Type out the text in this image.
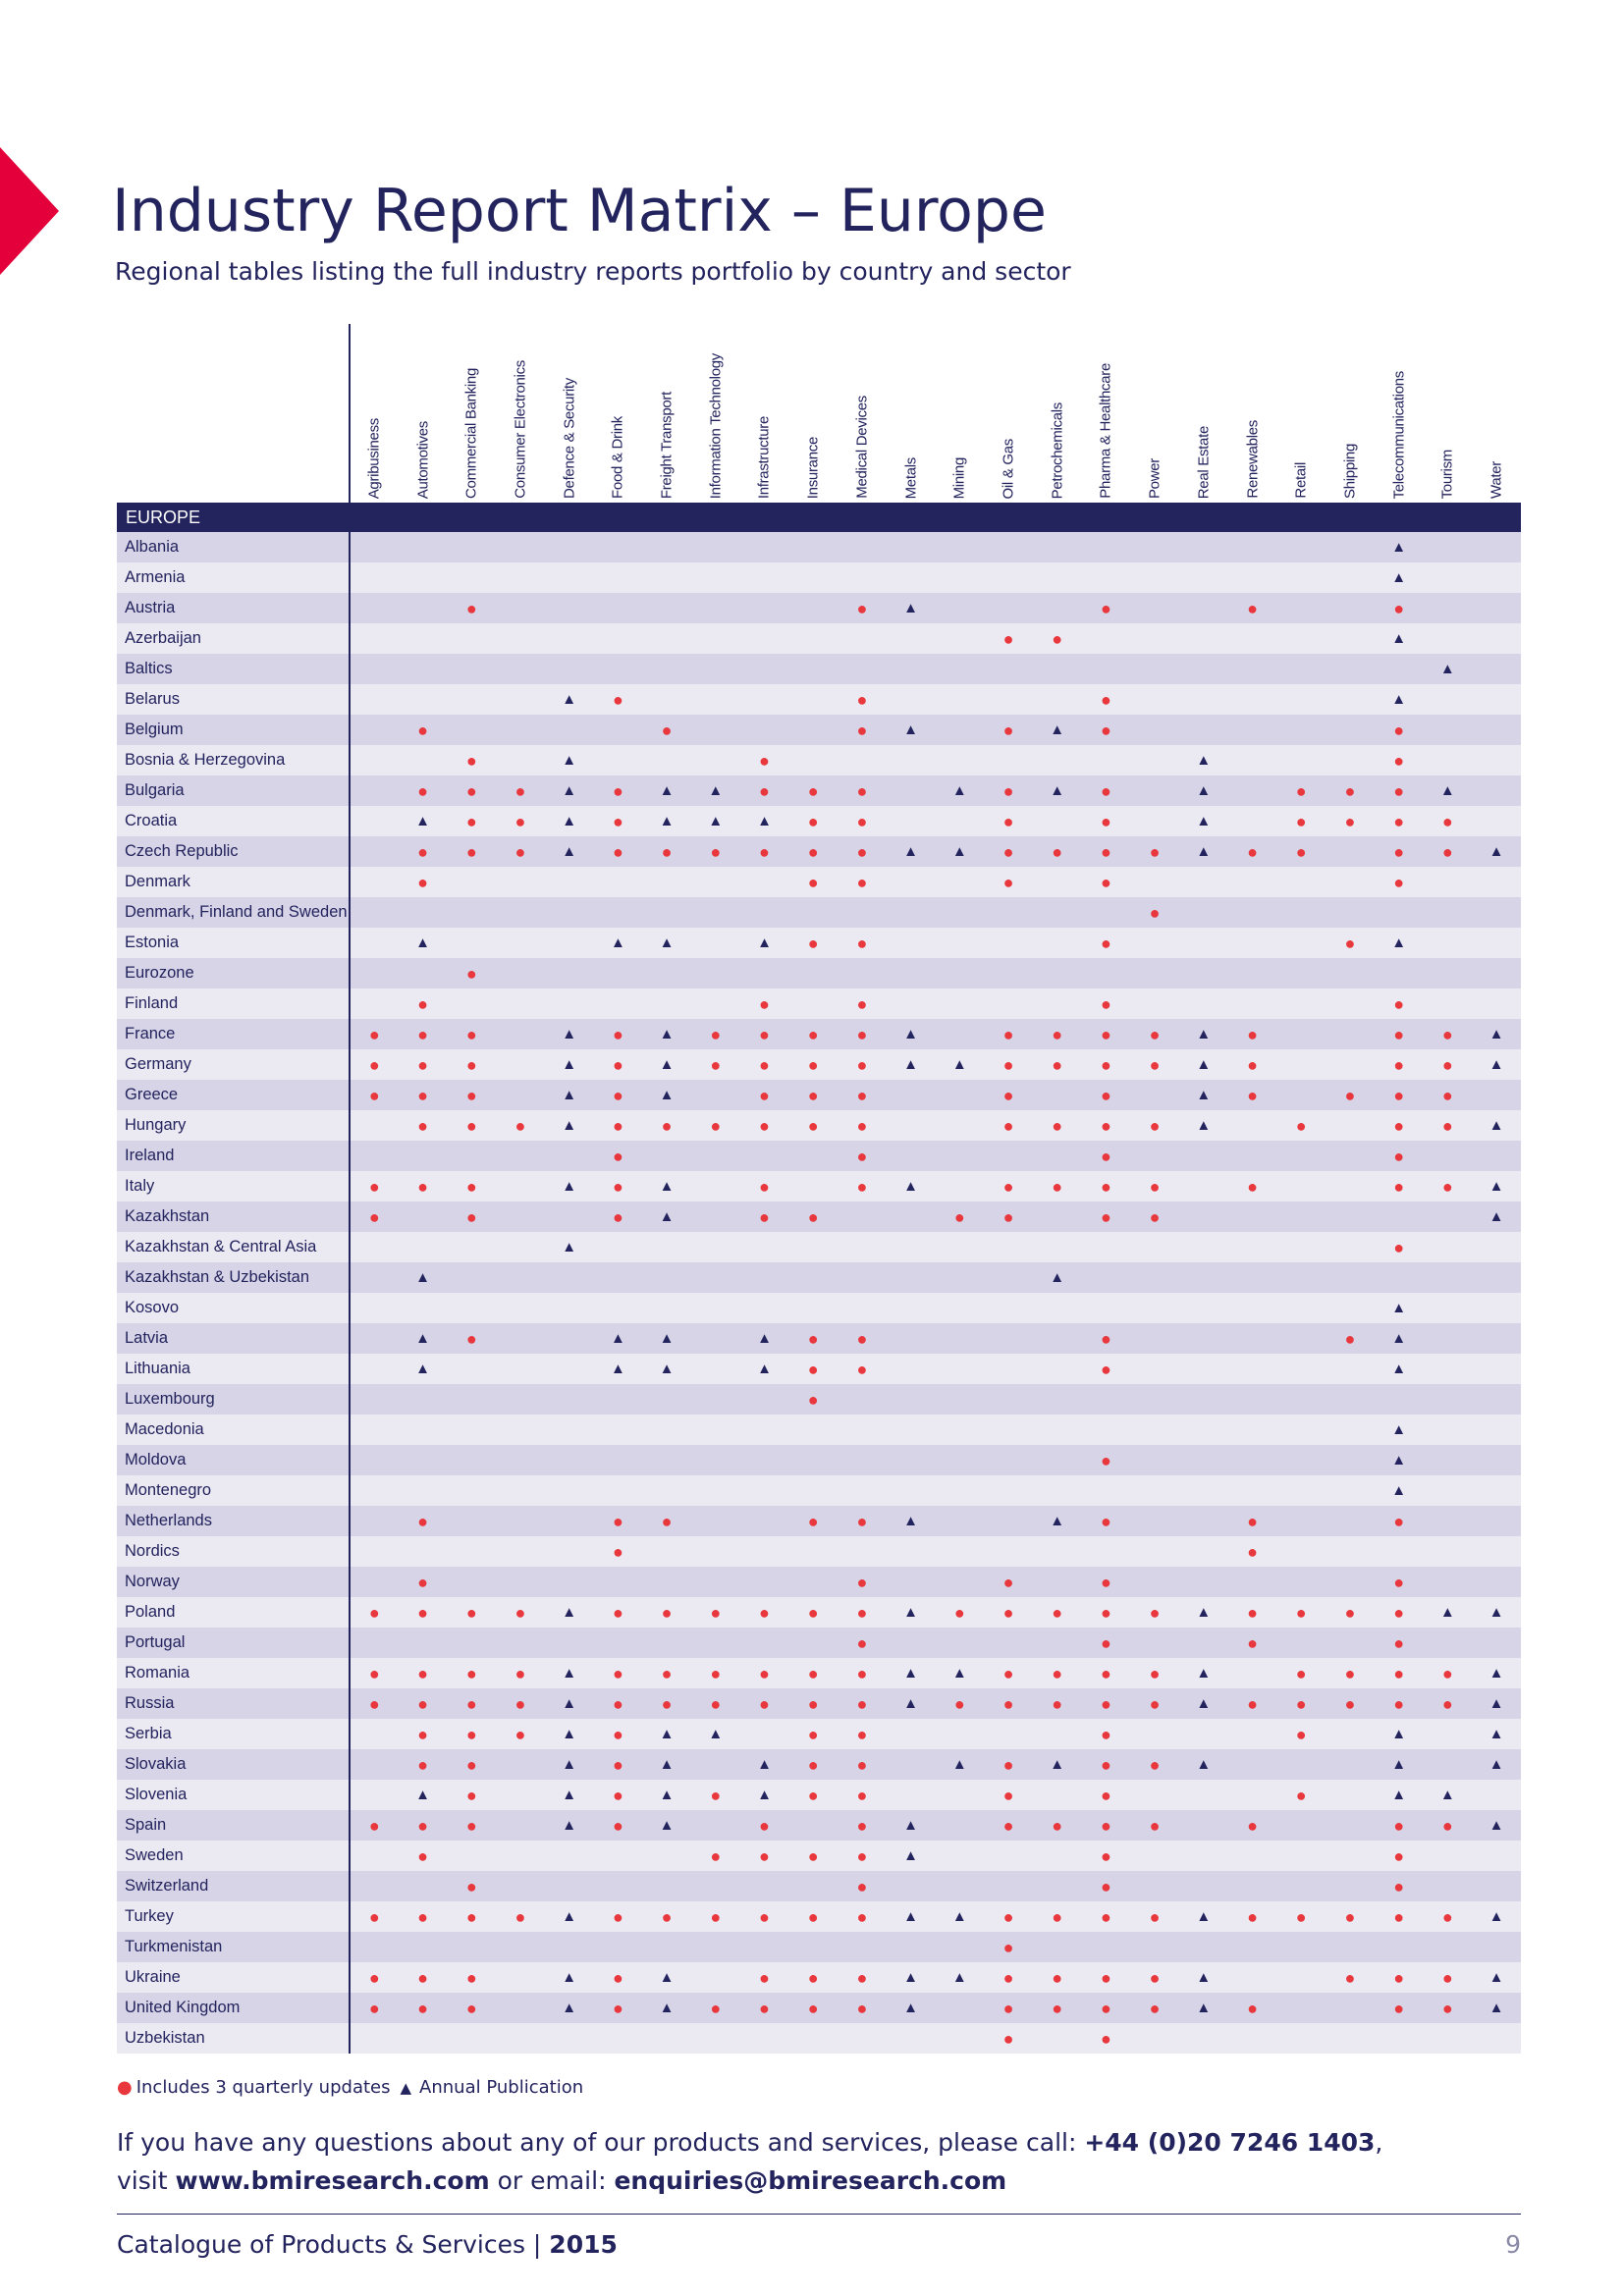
Industry Report Matrix – Europe

Regional tables listing the full industry reports portfolio by country and sector

	Agribusiness	Automotives	Commercial Banking	Consumer Electronics	Defence & Security	Food & Drink	Freight Transport	Information Technology	Infrastructure	Insurance	Medical Devices	Metals	Mining	Oil & Gas	Petrochemicals	Pharma & Healthcare	Power	Real Estate	Renewables	Retail	Shipping	Telecommunications	Tourism	Water

EUROPE																								
Albania																						▲		
Armenia																						▲		
Austria			●								●	▲				●			●			●		
Azerbaijan														●	●							▲		
Baltics																							▲	
Belarus					▲	●					●					●						▲		
Belgium		●					●				●	▲		●	▲	●						●		
Bosnia & Herzegovina			●		▲				●									▲				●		
Bulgaria		●	●	●	▲	●	▲	▲	●	●	●		▲	●	▲	●		▲		●	●	●	▲	
Croatia		▲	●	●	▲	●	▲	▲	▲	●	●			●		●		▲		●	●	●	●	
Czech Republic		●	●	●	▲	●	●	●	●	●	●	▲	▲	●	●	●	●	▲	●	●		●	●	▲
Denmark		●								●	●			●		●						●		
Denmark, Finland and Sweden																	●							
Estonia		▲				▲	▲		▲	●	●					●					●	▲		
Eurozone			●																					
Finland		●							●		●					●						●		
France	●	●	●		▲	●	▲	●	●	●	●	▲		●	●	●	●	▲	●			●	●	▲
Germany	●	●	●		▲	●	▲	●	●	●	●	▲	▲	●	●	●	●	▲	●			●	●	▲
Greece	●	●	●		▲	●	▲		●	●	●			●		●		▲	●		●	●	●	
Hungary		●	●	●	▲	●	●	●	●	●	●			●	●	●	●	▲		●		●	●	▲
Ireland						●					●					●						●		
Italy	●	●	●		▲	●	▲		●		●	▲		●	●	●	●		●			●	●	▲
Kazakhstan	●		●			●	▲		●	●			●	●		●	●							▲
Kazakhstan & Central Asia					▲																	●		
Kazakhstan & Uzbekistan		▲													▲									
Kosovo																						▲		
Latvia		▲	●			▲	▲		▲	●	●					●					●	▲		
Lithuania		▲				▲	▲		▲	●	●					●						▲		
Luxembourg										●														
Macedonia																						▲		
Moldova																●						▲		
Montenegro																						▲		
Netherlands		●				●	●			●	●	▲			▲	●			●			●		
Nordics						●													●					
Norway		●									●			●		●						●		
Poland	●	●	●	●	▲	●	●	●	●	●	●	▲	●	●	●	●	●	▲	●	●	●	●	▲	▲
Portugal											●					●			●			●		
Romania	●	●	●	●	▲	●	●	●	●	●	●	▲	▲	●	●	●	●	▲		●	●	●	●	▲
Russia	●	●	●	●	▲	●	●	●	●	●	●	▲	●	●	●	●	●	▲	●	●	●	●	●	▲
Serbia		●	●	●	▲	●	▲	▲		●	●					●				●		▲		▲
Slovakia		●	●		▲	●	▲		▲	●	●		▲	●	▲	●	●	▲				▲		▲
Slovenia		▲	●		▲	●	▲	●	▲	●	●			●		●				●		▲	▲	
Spain	●	●	●		▲	●	▲		●		●	▲		●	●	●	●		●			●	●	▲
Sweden		●						●	●	●	●	▲				●						●		
Switzerland			●								●					●						●		
Turkey	●	●	●	●	▲	●	●	●	●	●	●	▲	▲	●	●	●	●	▲	●	●	●	●	●	▲
Turkmenistan														●										
Ukraine	●	●	●		▲	●	▲		●	●	●	▲	▲	●	●	●	●	▲			●	●	●	▲
United Kingdom	●	●	●		▲	●	▲	●	●	●	●	▲		●	●	●	●	▲	●			●	●	▲
Uzbekistan														●		●								
● Includes 3 quarterly updates ▲ Annual Publication
If you have any questions about any of our products and services, please call: +44 (0)20 7246 1403,
visit www.bmiresearch.com or email: enquiries@bmiresearch.com
Catalogue of Products & Services | 2015	9
